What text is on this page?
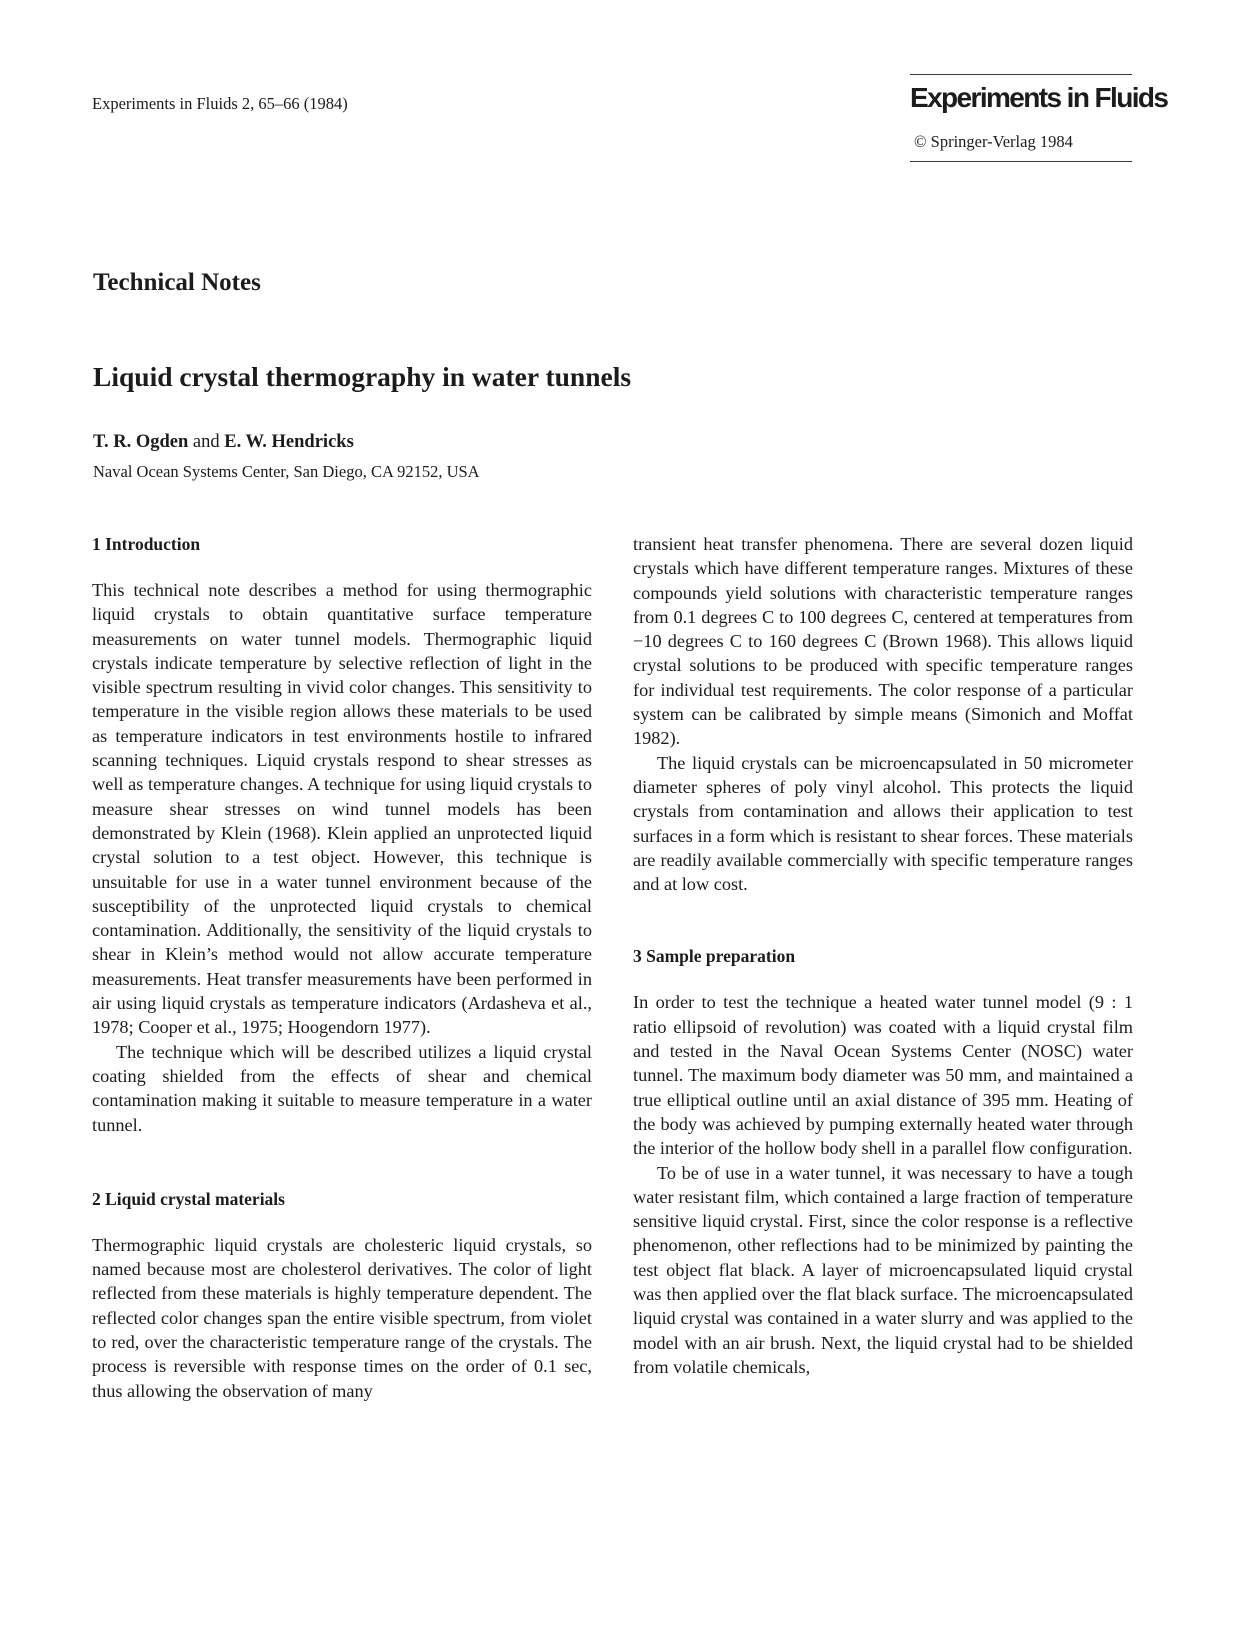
Experiments in Fluids 2, 65–66 (1984)	Experiments in Fluids
© Springer-Verlag 1984
Technical Notes
Liquid crystal thermography in water tunnels
T. R. Ogden and E. W. Hendricks
Naval Ocean Systems Center, San Diego, CA 92152, USA
1 Introduction

This technical note describes a method for using thermographic liquid crystals to obtain quantitative surface temperature measurements on water tunnel models. Thermographic liquid crystals indicate temperature by selective reflection of light in the visible spectrum resulting in vivid color changes. This sensitivity to temperature in the visible region allows these materials to be used as temperature indicators in test environments hostile to infrared scanning techniques. Liquid crystals respond to shear stresses as well as temperature changes. A technique for using liquid crystals to measure shear stresses on wind tunnel models has been demonstrated by Klein (1968). Klein applied an unprotected liquid crystal solution to a test object. However, this technique is unsuitable for use in a water tunnel environment because of the susceptibility of the unprotected liquid crystals to chemical contamination. Additionally, the sensitivity of the liquid crystals to shear in Klein’s method would not allow accurate temperature measurements. Heat transfer measurements have been performed in air using liquid crystals as temperature indicators (Ardasheva et al., 1978; Cooper et al., 1975; Hoogendorn 1977).

The technique which will be described utilizes a liquid crystal coating shielded from the effects of shear and chemical contamination making it suitable to measure temperature in a water tunnel.

2 Liquid crystal materials

Thermographic liquid crystals are cholesteric liquid crystals, so named because most are cholesterol derivatives. The color of light reflected from these materials is highly temperature dependent. The reflected color changes span the entire visible spectrum, from violet to red, over the characteristic temperature range of the crystals. The process is reversible with response times on the order of 0.1 sec, thus allowing the observation of many

transient heat transfer phenomena. There are several dozen liquid crystals which have different temperature ranges. Mixtures of these compounds yield solutions with characteristic temperature ranges from 0.1 degrees C to 100 degrees C, centered at temperatures from −10 degrees C to 160 degrees C (Brown 1968). This allows liquid crystal solutions to be produced with specific temperature ranges for individual test requirements. The color response of a particular system can be calibrated by simple means (Simonich and Moffat 1982).

The liquid crystals can be microencapsulated in 50 micrometer diameter spheres of poly vinyl alcohol. This protects the liquid crystals from contamination and allows their application to test surfaces in a form which is resistant to shear forces. These materials are readily available commercially with specific temperature ranges and at low cost.

3 Sample preparation

In order to test the technique a heated water tunnel model (9 : 1 ratio ellipsoid of revolution) was coated with a liquid crystal film and tested in the Naval Ocean Systems Center (NOSC) water tunnel. The maximum body diameter was 50 mm, and maintained a true elliptical outline until an axial distance of 395 mm. Heating of the body was achieved by pumping externally heated water through the interior of the hollow body shell in a parallel flow configuration.

To be of use in a water tunnel, it was necessary to have a tough water resistant film, which contained a large fraction of temperature sensitive liquid crystal. First, since the color response is a reflective phenomenon, other reflections had to be minimized by painting the test object flat black. A layer of microencapsulated liquid crystal was then applied over the flat black surface. The microencapsulated liquid crystal was contained in a water slurry and was applied to the model with an air brush. Next, the liquid crystal had to be shielded from volatile chemicals,
